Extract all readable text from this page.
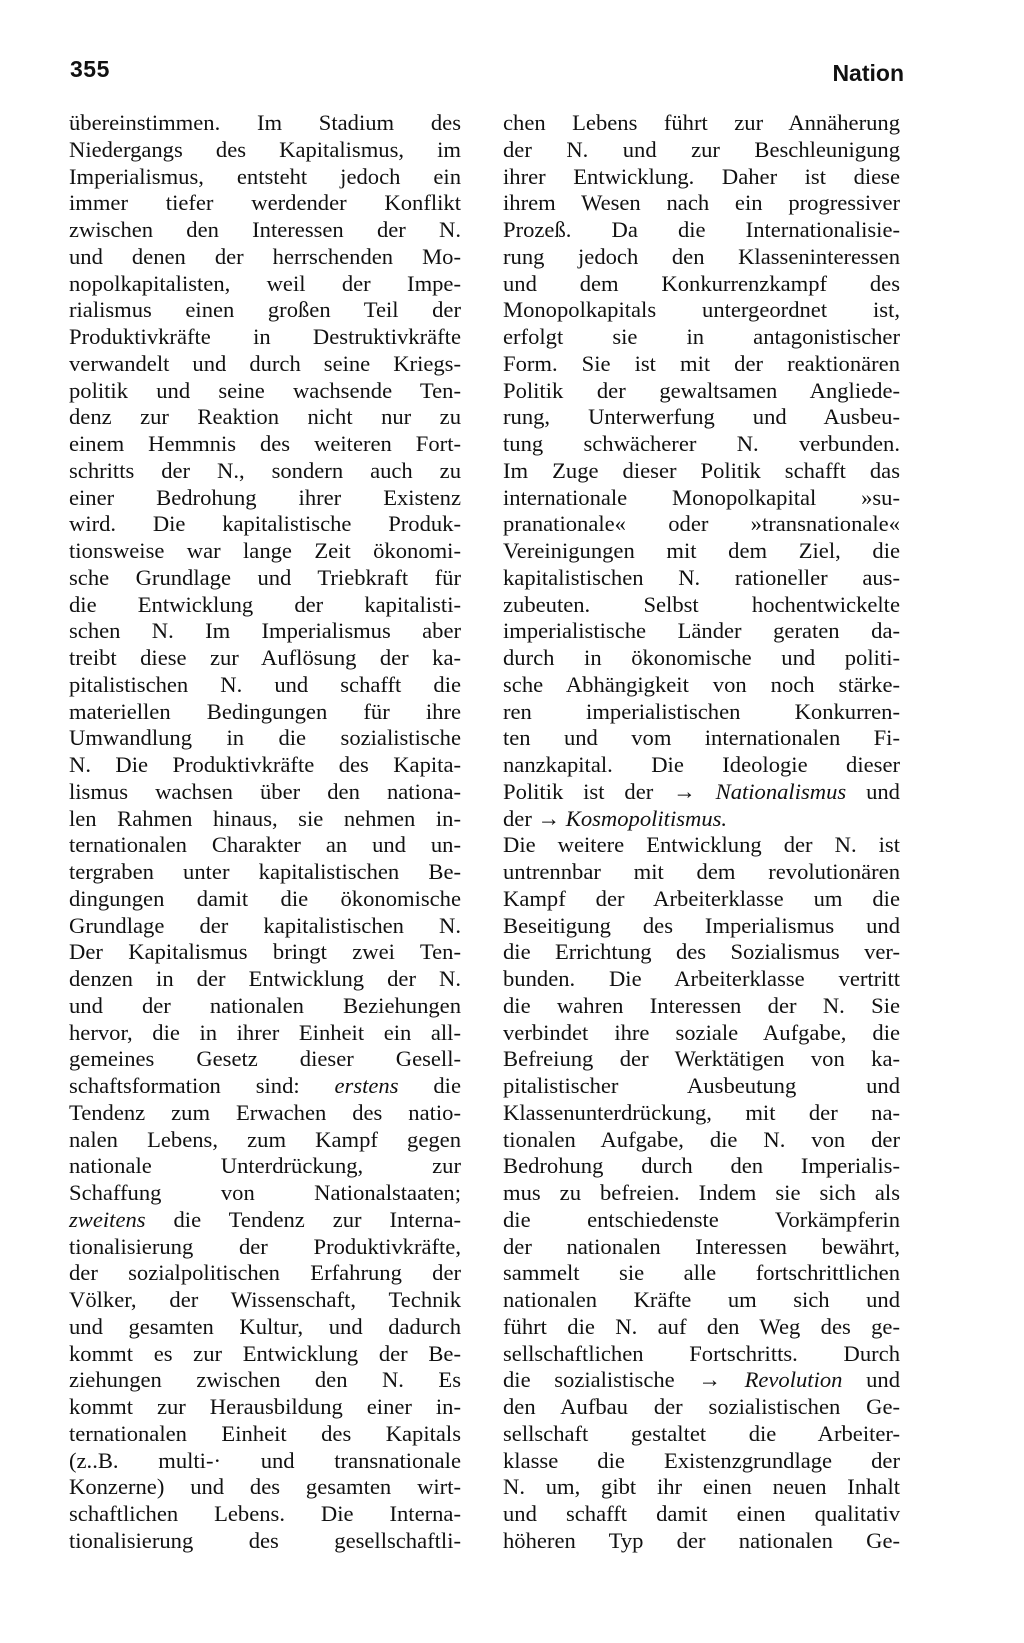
355	Nation
übereinstimmen. Im Stadium des
Niedergangs des Kapitalismus, im
Imperialismus, entsteht jedoch ein
immer tiefer werdender Konflikt
zwischen den Interessen der N.
und denen der herrschenden Mo-
nopolkapitalisten, weil der Impe-
rialismus einen großen Teil der
Produktivkräfte in Destruktivkräfte
verwandelt und durch seine Kriegs-
politik und seine wachsende Ten-
denz zur Reaktion nicht nur zu
einem Hemmnis des weiteren Fort-
schritts der N., sondern auch zu
einer Bedrohung ihrer Existenz
wird. Die kapitalistische Produk-
tionsweise war lange Zeit ökonomi-
sche Grundlage und Triebkraft für
die Entwicklung der kapitalisti-
schen N. Im Imperialismus aber
treibt diese zur Auflösung der ka-
pitalistischen N. und schafft die
materiellen Bedingungen für ihre
Umwandlung in die sozialistische
N. Die Produktivkräfte des Kapita-
lismus wachsen über den nationa-
len Rahmen hinaus, sie nehmen in-
ternationalen Charakter an und un-
tergraben unter kapitalistischen Be-
dingungen damit die ökonomische
Grundlage der kapitalistischen N.
Der Kapitalismus bringt zwei Ten-
denzen in der Entwicklung der N.
und der nationalen Beziehungen
hervor, die in ihrer Einheit ein all-
gemeines Gesetz dieser Gesell-
schaftsformation sind: erstens die
Tendenz zum Erwachen des natio-
nalen Lebens, zum Kampf gegen
nationale Unterdrückung, zur
Schaffung von Nationalstaaten;
zweitens die Tendenz zur Interna-
tionalisierung der Produktivkräfte,
der sozialpolitischen Erfahrung der
Völker, der Wissenschaft, Technik
und gesamten Kultur, und dadurch
kommt es zur Entwicklung der Be-
ziehungen zwischen den N. Es
kommt zur Herausbildung einer in-
ternationalen Einheit des Kapitals
(z..B. multi-· und transnationale
Konzerne) und des gesamten wirt-
schaftlichen Lebens. Die Interna-
tionalisierung des gesellschaftli-
chen Lebens führt zur Annäherung
der N. und zur Beschleunigung
ihrer Entwicklung. Daher ist diese
ihrem Wesen nach ein progressiver
Prozeß. Da die Internationalisie-
rung jedoch den Klasseninteressen
und dem Konkurrenzkampf des
Monopolkapitals untergeordnet ist,
erfolgt sie in antagonistischer
Form. Sie ist mit der reaktionären
Politik der gewaltsamen Angliede-
rung, Unterwerfung und Ausbeu-
tung schwächerer N. verbunden.
Im Zuge dieser Politik schafft das
internationale Monopolkapital »su-
pranationale« oder »transnationale«
Vereinigungen mit dem Ziel, die
kapitalistischen N. rationeller aus-
zubeuten. Selbst hochentwickelte
imperialistische Länder geraten da-
durch in ökonomische und politi-
sche Abhängigkeit von noch stärke-
ren imperialistischen Konkurren-
ten und vom internationalen Fi-
nanzkapital. Die Ideologie dieser
Politik ist der → Nationalismus und
der → Kosmopolitismus.
Die weitere Entwicklung der N. ist
untrennbar mit dem revolutionären
Kampf der Arbeiterklasse um die
Beseitigung des Imperialismus und
die Errichtung des Sozialismus ver-
bunden. Die Arbeiterklasse vertritt
die wahren Interessen der N. Sie
verbindet ihre soziale Aufgabe, die
Befreiung der Werktätigen von ka-
pitalistischer Ausbeutung und
Klassenunterdrückung, mit der na-
tionalen Aufgabe, die N. von der
Bedrohung durch den Imperialis-
mus zu befreien. Indem sie sich als
die entschiedenste Vorkämpferin
der nationalen Interessen bewährt,
sammelt sie alle fortschrittlichen
nationalen Kräfte um sich und
führt die N. auf den Weg des ge-
sellschaftlichen Fortschritts. Durch
die sozialistische → Revolution und
den Aufbau der sozialistischen Ge-
sellschaft gestaltet die Arbeiter-
klasse die Existenzgrundlage der
N. um, gibt ihr einen neuen Inhalt
und schafft damit einen qualitativ
höheren Typ der nationalen Ge-
